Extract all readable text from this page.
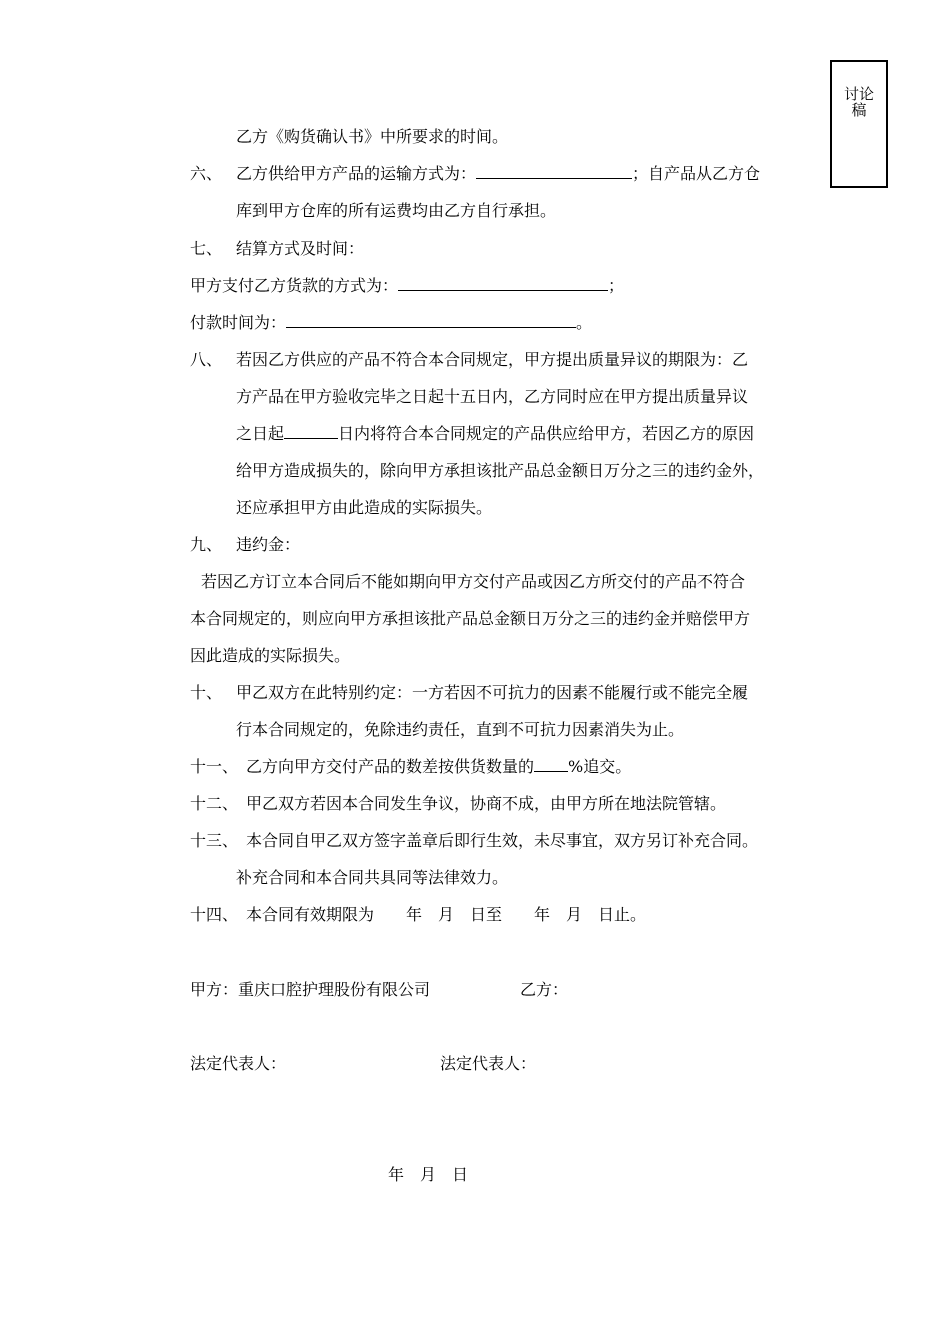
讨论
稿
乙方《购货确认书》中所要求的时间。
六、 乙方供给甲方产品的运输方式为：	；自产品从乙方仓
库到甲方仓库的所有运费均由乙方自行承担。
七、 结算方式及时间：
甲方支付乙方货款的方式为：	；
付款时间为：	。
八、 若因乙方供应的产品不符合本合同规定，甲方提出质量异议的期限为：乙
方产品在甲方验收完毕之日起十五日内，乙方同时应在甲方提出质量异议
之日起	日内将符合本合同规定的产品供应给甲方，若因乙方的原因
给甲方造成损失的，除向甲方承担该批产品总金额日万分之三的违约金外，
还应承担甲方由此造成的实际损失。
九、 违约金：
若因乙方订立本合同后不能如期向甲方交付产品或因乙方所交付的产品不符合
本合同规定的，则应向甲方承担该批产品总金额日万分之三的违约金并赔偿甲方
因此造成的实际损失。
十、 甲乙双方在此特别约定：一方若因不可抗力的因素不能履行或不能完全履
行本合同规定的，免除违约责任，直到不可抗力因素消失为止。
十一、 乙方向甲方交付产品的数差按供货数量的 %追交。
十二、 甲乙双方若因本合同发生争议，协商不成，由甲方所在地法院管辖。
十三、 本合同自甲乙双方签字盖章后即行生效，未尽事宜，双方另订补充合同。
补充合同和本合同共具同等法律效力。
十四、 本合同有效期限为　　年　月　日至　　年　月　日止。
甲方：重庆口腔护理股份有限公司	乙方：
法定代表人：	法定代表人：
年　月　日
